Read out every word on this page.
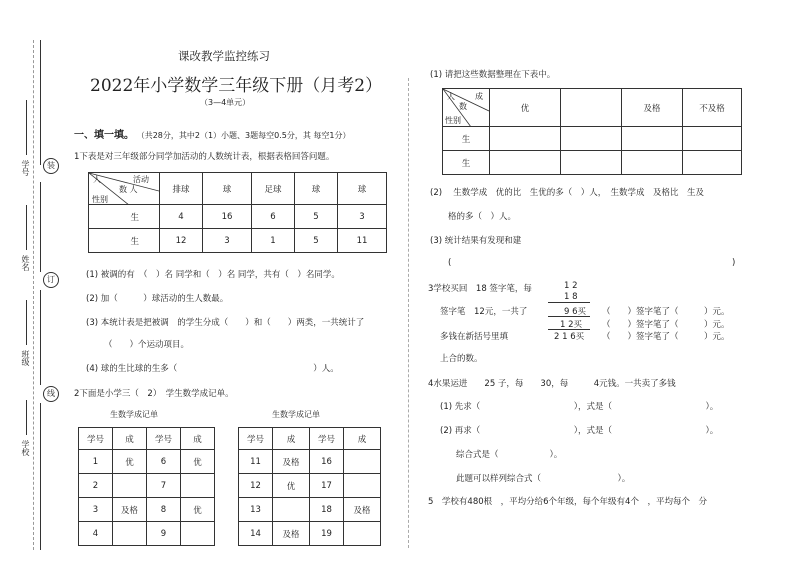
装
订
线
学号
姓名
班级
学校
课改教学监控练习
2022年小学数学三年级下册（月考2）
（3—4单元）
一、填一填。 （共28分，其中2（1）小题、3题每空0.5分，其 每空1分）
1下表是对三年级部分同学加活动的人数统计表，根据表格回答问题。
活动
数 人
人
性别	排球	球	足球	球	球
生	4	16	6	5	3
生	12	3	1	5	11
(1) 被调的有　（　）名 同学和（　）名 同学，共有（　）名同学。
(2) 加（　　　）球活动的生人数最。
(3) 本统计表是把被调　的学生分成（　　）和（　　）两类，一共统计了
（　　）个运动项目。
(4) 球的生比球的生多（　　　　　　　　　　　　　　　　）人。
2下面是小学三（　2）　学生数学成记单。
生数学成记单	生数学成记单
学号	成	学号	成
1	优	6	优
2		7	
3	及格	8	优
4		9	
学号	成	学号	成
11	及格	16	
12	优	17	
13		18	及格
14	及格	19	
(1) 请把这些数据整理在下表中。
成
数
人
性别	优		及格	不及格
生				
生				
(2)　 生数学成　优的比　生优的多（　）人，　生数学成　及格比　生及
格的多（　）人。
(3) 统计结果有发现和建
(	)
3学校买回　18 签字笔，每	1 2
1 8
签字笔　12元，一共了	9 6买
1 2买
多钱在新括号里填	2 1 6买
（　　）签字笔了（　　　）元。
（　　）签字笔了（　　　）元。
（　　）签字笔了（　　　）元。
上合的数。
4水果运进　　25 子，每　　30，每　　　4元钱。一共卖了多钱
(1) 先求（　　　　　　　　　　　），式是（　　　　　　　　　　　）。
(2) 再求（　　　　　　　　　　　），式是（　　　　　　　　　　　）。
综合式是（　　　　　　）。
此题可以样列综合式（　　　　　　　　　）。
5　学校有480根　，平均分给6个年级，每个年级有4个　，平均每个　分
